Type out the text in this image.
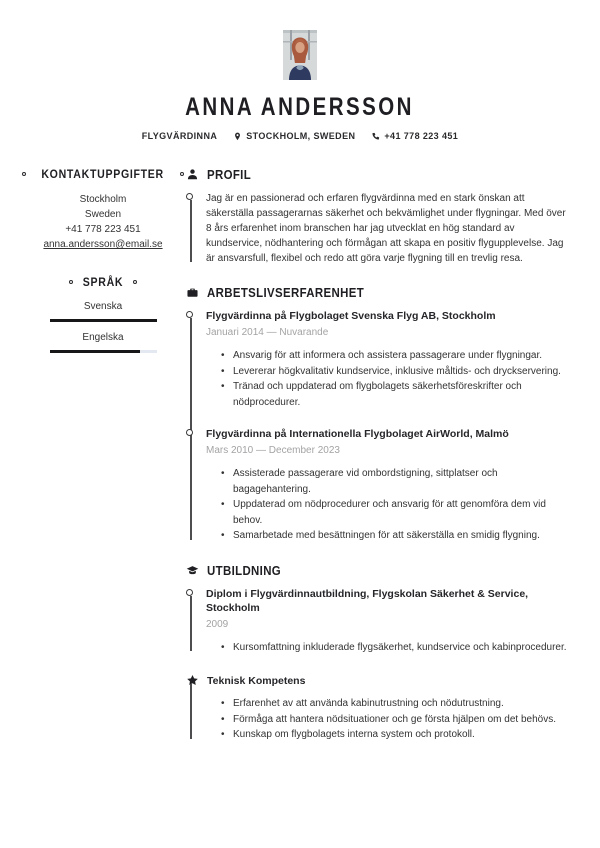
ANNA ANDERSSON
FLYGVÄRDINNA	STOCKHOLM, SWEDEN	+41 778 223 451
KONTAKTUPPGIFTER
Stockholm
Sweden
+41 778 223 451
anna.andersson@email.se
SPRÅK
Svenska
Engelska
PROFIL

Jag är en passionerad och erfaren flygvärdinna med en stark önskan att säkerställa passagerarnas säkerhet och bekvämlighet under flygningar. Med över 8 års erfarenhet inom branschen har jag utvecklat en hög standard av kundservice, nödhantering och förmågan att skapa en positiv flygupplevelse. Jag är ansvarsfull, flexibel och redo att göra varje flygning till en trevlig resa.

ARBETSLIVSERFARENHET
Flygvärdinna på Flygbolaget Svenska Flyg AB, Stockholm
Januari 2014 — Nuvarande
• Ansvarig för att informera och assistera passagerare under flygningar.
• Levererar högkvalitativ kundservice, inklusive måltids- och dryckservering.
• Tränad och uppdaterad om flygbolagets säkerhetsföreskrifter och nödprocedurer.
Flygvärdinna på Internationella Flygbolaget AirWorld, Malmö
Mars 2010 — December 2023
• Assisterade passagerare vid ombordstigning, sittplatser och bagagehantering.
• Uppdaterad om nödprocedurer och ansvarig för att genomföra dem vid behov.
• Samarbetade med besättningen för att säkerställa en smidig flygning.
UTBILDNING
Diplom i Flygvärdinnautbildning, Flygskolan Säkerhet & Service, Stockholm
2009
• Kursomfattning inkluderade flygsäkerhet, kundservice och kabinprocedurer.
Teknisk Kompetens
• Erfarenhet av att använda kabinutrustning och nödutrustning.
• Förmåga att hantera nödsituationer och ge första hjälpen om det behövs.
• Kunskap om flygbolagets interna system och protokoll.
